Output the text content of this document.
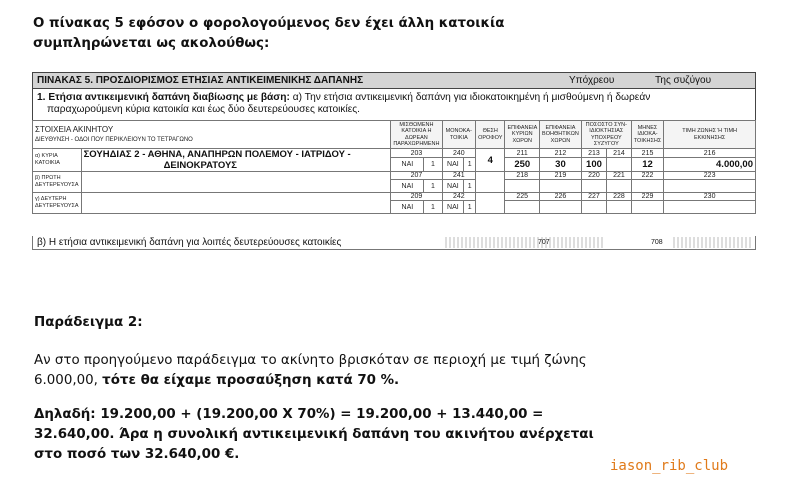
Ο πίνακας 5 εφόσον ο φορολογούμενος δεν έχει άλλη κατοικία
συμπληρώνεται ως ακολούθως:
ΠΙΝΑΚΑΣ 5. ΠΡΟΣΔΙΟΡΙΣΜΟΣ ΕΤΗΣΙΑΣ ΑΝΤΙΚΕΙΜΕΝΙΚΗΣ ΔΑΠΑΝΗΣ	Υπόχρεου	Της συζύγου
1. Ετήσια αντικειμενική δαπάνη διαβίωσης με βάση: α) Την ετήσια αντικειμενική δαπάνη για ιδιοκατοικημένη ή μισθούμενη ή δωρεάν
παραχωρούμενη κύρια κατοικία και έως δύο δευτερεύουσες κατοικίες.
ΣΤΟΙΧΕΙΑ ΑΚΙΝΗΤΟΥ
ΔΙΕΥΘΥΝΣΗ - ΟΔΟΙ ΠΟΥ ΠΕΡΙΚΛΕΙΟΥΝ ΤΟ ΤΕΤΡΑΓΩΝΟ		ΜΙΣΘΩΜΕΝΗ ΚΑΤΟΙΚΙΑ Η ΔΩΡΕΑΝ ΠΑΡΑΧΩΡΗΜΕΝΗ		ΜΟΝΟΚΑ-ΤΟΙΚΙΑ		ΘΕΣΗ ΟΡΟΦΟΥ	ΕΠΙΦΑΝΕΙΑ ΚΥΡΙΩΝ ΧΩΡΩΝ	ΕΠΙΦΑΝΕΙΑ ΒΟΗΘΗΤΙΚΩΝ ΧΩΡΩΝ	ΠΟΣΟΣΤΟ ΣΥΝ-ΙΔΙΟΚΤΗΣΙΑΣ
ΥΠΟΧΡΕΟΥ ΣΥΖΥΓΟΥ		ΜΗΝΕΣ ΙΔΙΟΚΑ-ΤΟΙΚΗΣΗΣ	ΤΙΜΗ ΖΩΝΗΣ Ή ΤΙΜΗ ΕΚΚΙΝΗΣΗΣ
α) ΚΥΡΙΑ ΚΑΤΟΙΚΙΑ	ΣΟΥΗΔΙΑΣ 2 - ΑΘΗΝΑ, ΑΝΑΠΗΡΩΝ ΠΟΛΕΜΟΥ - ΙΑΤΡΙΔΟΥ -
ΔΕΙΝΟΚΡΑΤΟΥΣ	203		240		4	211	212	213	214	215	216
		ΝΑΙ	1	ΝΑΙ	1		250	30	100		12	4.000,00
β) ΠΡΩΤΗ ΔΕΥΤΕΡΕΥΟΥΣΑ		207		241			218	219	220	221	222	223
		ΝΑΙ	1	ΝΑΙ	1							
γ) ΔΕΥΤΕΡΗ ΔΕΥΤΕΡΕΥΟΥΣΑ		209		242			225	226	227	228	229	230
		ΝΑΙ	1	ΝΑΙ	1							
β) Η ετήσια αντικειμενική δαπάνη για λοιπές δευτερεύουσες κατοικίες	707	708
Παράδειγμα 2:
Αν στο προηγούμενο παράδειγμα το ακίνητο βρισκόταν σε περιοχή με τιμή ζώνης
6.000,00, τότε θα είχαμε προσαύξηση κατά 70 %.
Δηλαδή: 19.200,00 + (19.200,00 Χ 70%) = 19.200,00 + 13.440,00 =
32.640,00. Άρα η συνολική αντικειμενική δαπάνη του ακινήτου ανέρχεται
στο ποσό των 32.640,00 €.
iason_rib_club
